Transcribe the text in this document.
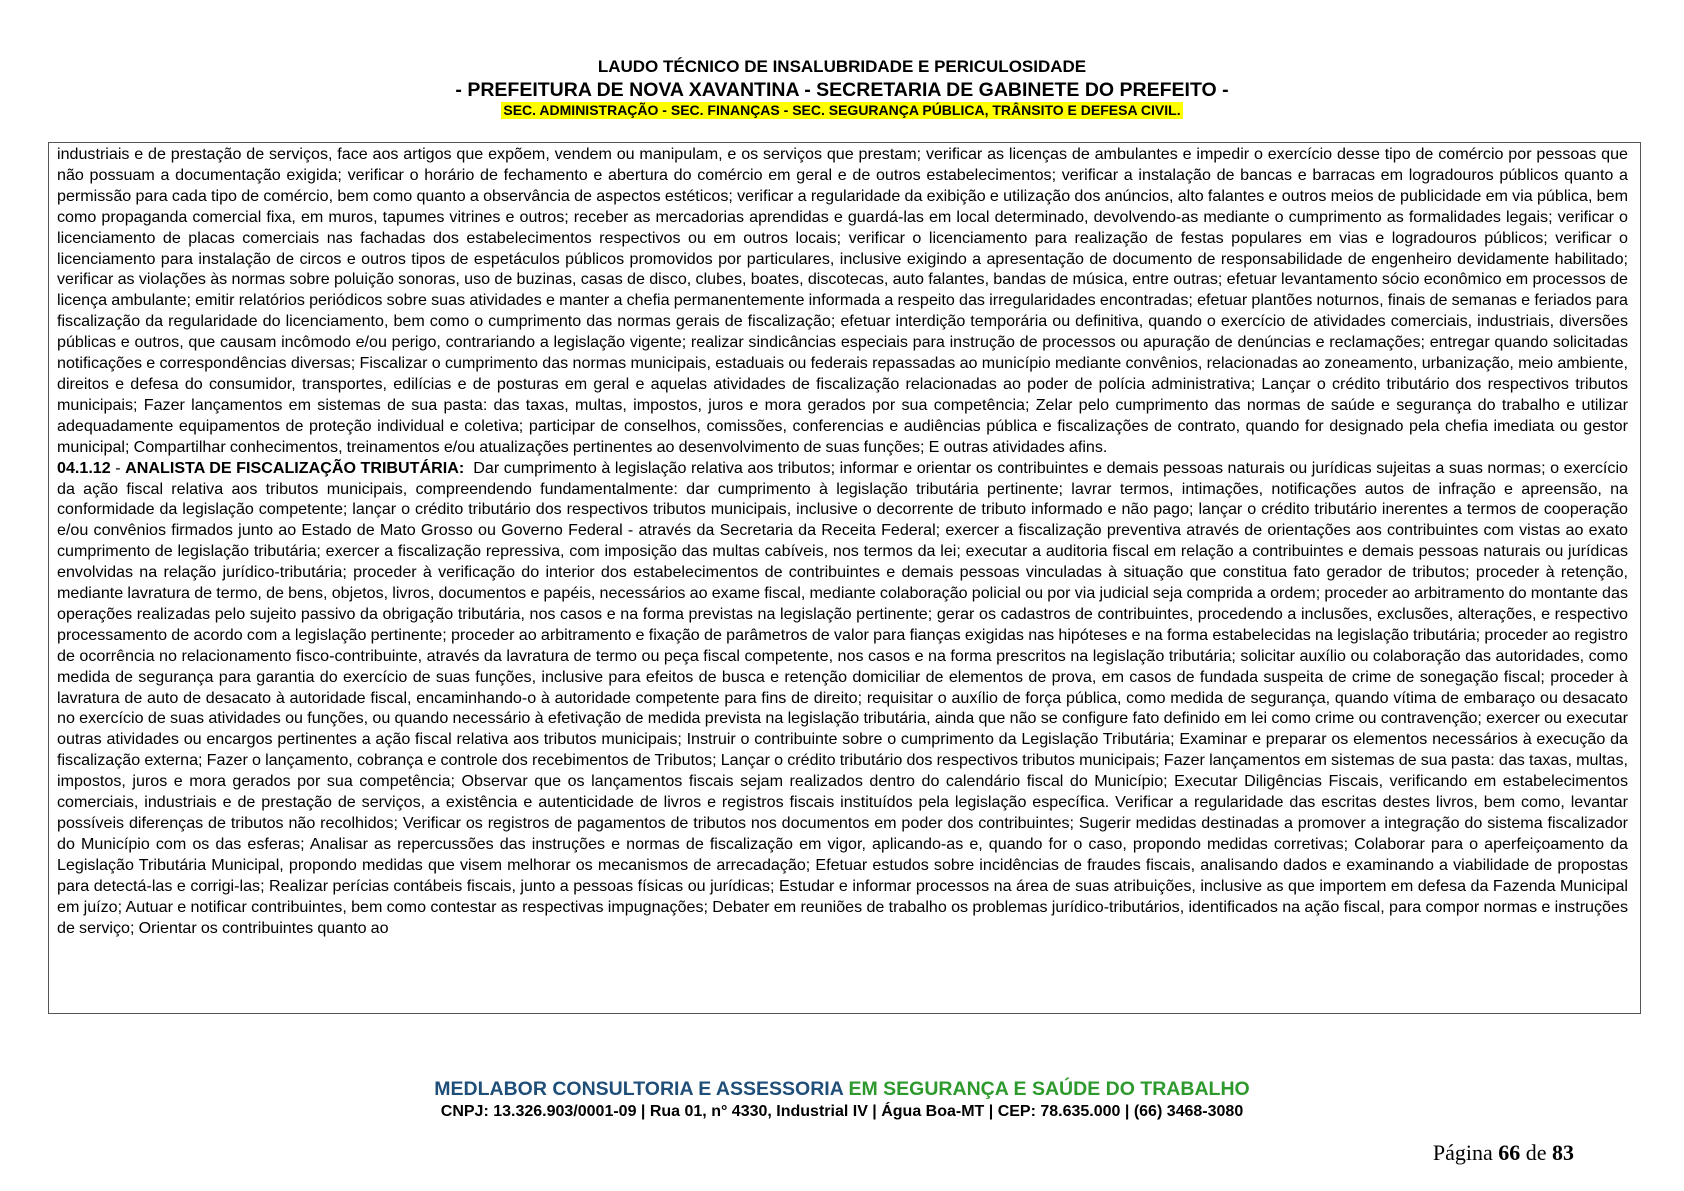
LAUDO TÉCNICO DE INSALUBRIDADE E PERICULOSIDADE
- PREFEITURA DE NOVA XAVANTINA - SECRETARIA DE GABINETE DO PREFEITO -
SEC. ADMINISTRAÇÃO - SEC. FINANÇAS - SEC. SEGURANÇA PÚBLICA, TRÂNSITO E DEFESA CIVIL.

industriais e de prestação de serviços, face aos artigos que expõem, vendem ou manipulam, e os serviços que prestam; verificar as licenças de ambulantes e impedir o exercício desse tipo de comércio por pessoas que não possuam a documentação exigida; verificar o horário de fechamento e abertura do comércio em geral e de outros estabelecimentos; verificar a instalação de bancas e barracas em logradouros públicos quanto a permissão para cada tipo de comércio, bem como quanto a observância de aspectos estéticos; verificar a regularidade da exibição e utilização dos anúncios, alto falantes e outros meios de publicidade em via pública, bem como propaganda comercial fixa, em muros, tapumes vitrines e outros; receber as mercadorias aprendidas e guardá-las em local determinado, devolvendo-as mediante o cumprimento as formalidades legais; verificar o licenciamento de placas comerciais nas fachadas dos estabelecimentos respectivos ou em outros locais; verificar o licenciamento para realização de festas populares em vias e logradouros públicos; verificar o licenciamento para instalação de circos e outros tipos de espetáculos públicos promovidos por particulares, inclusive exigindo a apresentação de documento de responsabilidade de engenheiro devidamente habilitado; verificar as violações às normas sobre poluição sonoras, uso de buzinas, casas de disco, clubes, boates, discotecas, auto falantes, bandas de música, entre outras; efetuar levantamento sócio econômico em processos de licença ambulante; emitir relatórios periódicos sobre suas atividades e manter a chefia permanentemente informada a respeito das irregularidades encontradas; efetuar plantões noturnos, finais de semanas e feriados para fiscalização da regularidade do licenciamento, bem como o cumprimento das normas gerais de fiscalização; efetuar interdição temporária ou definitiva, quando o exercício de atividades comerciais, industriais, diversões públicas e outros, que causam incômodo e/ou perigo, contrariando a legislação vigente; realizar sindicâncias especiais para instrução de processos ou apuração de denúncias e reclamações; entregar quando solicitadas notificações e correspondências diversas; Fiscalizar o cumprimento das normas municipais, estaduais ou federais repassadas ao município mediante convênios, relacionadas ao zoneamento, urbanização, meio ambiente, direitos e defesa do consumidor, transportes, edilícias e de posturas em geral e aquelas atividades de fiscalização relacionadas ao poder de polícia administrativa; Lançar o crédito tributário dos respectivos tributos municipais; Fazer lançamentos em sistemas de sua pasta: das taxas, multas, impostos, juros e mora gerados por sua competência; Zelar pelo cumprimento das normas de saúde e segurança do trabalho e utilizar adequadamente equipamentos de proteção individual e coletiva; participar de conselhos, comissões, conferencias e audiências pública e fiscalizações de contrato, quando for designado pela chefia imediata ou gestor municipal; Compartilhar conhecimentos, treinamentos e/ou atualizações pertinentes ao desenvolvimento de suas funções; E outras atividades afins.

04.1.12 - ANALISTA DE FISCALIZAÇÃO TRIBUTÁRIA: Dar cumprimento à legislação relativa aos tributos; informar e orientar os contribuintes e demais pessoas naturais ou jurídicas sujeitas a suas normas; o exercício da ação fiscal relativa aos tributos municipais, compreendendo fundamentalmente: dar cumprimento à legislação tributária pertinente; lavrar termos, intimações, notificações autos de infração e apreensão, na conformidade da legislação competente; lançar o crédito tributário dos respectivos tributos municipais, inclusive o decorrente de tributo informado e não pago; lançar o crédito tributário inerentes a termos de cooperação e/ou convênios firmados junto ao Estado de Mato Grosso ou Governo Federal - através da Secretaria da Receita Federal; exercer a fiscalização preventiva através de orientações aos contribuintes com vistas ao exato cumprimento de legislação tributária; exercer a fiscalização repressiva, com imposição das multas cabíveis, nos termos da lei; executar a auditoria fiscal em relação a contribuintes e demais pessoas naturais ou jurídicas envolvidas na relação jurídico-tributária; proceder à verificação do interior dos estabelecimentos de contribuintes e demais pessoas vinculadas à situação que constitua fato gerador de tributos; proceder à retenção, mediante lavratura de termo, de bens, objetos, livros, documentos e papéis, necessários ao exame fiscal, mediante colaboração policial ou por via judicial seja comprida a ordem; proceder ao arbitramento do montante das operações realizadas pelo sujeito passivo da obrigação tributária, nos casos e na forma previstas na legislação pertinente; gerar os cadastros de contribuintes, procedendo a inclusões, exclusões, alterações, e respectivo processamento de acordo com a legislação pertinente; proceder ao arbitramento e fixação de parâmetros de valor para fianças exigidas nas hipóteses e na forma estabelecidas na legislação tributária; proceder ao registro de ocorrência no relacionamento fisco-contribuinte, através da lavratura de termo ou peça fiscal competente, nos casos e na forma prescritos na legislação tributária; solicitar auxílio ou colaboração das autoridades, como medida de segurança para garantia do exercício de suas funções, inclusive para efeitos de busca e retenção domiciliar de elementos de prova, em casos de fundada suspeita de crime de sonegação fiscal; proceder à lavratura de auto de desacato à autoridade fiscal, encaminhando-o à autoridade competente para fins de direito; requisitar o auxílio de força pública, como medida de segurança, quando vítima de embaraço ou desacato no exercício de suas atividades ou funções, ou quando necessário à efetivação de medida prevista na legislação tributária, ainda que não se configure fato definido em lei como crime ou contravenção; exercer ou executar outras atividades ou encargos pertinentes a ação fiscal relativa aos tributos municipais; Instruir o contribuinte sobre o cumprimento da Legislação Tributária; Examinar e preparar os elementos necessários à execução da fiscalização externa; Fazer o lançamento, cobrança e controle dos recebimentos de Tributos; Lançar o crédito tributário dos respectivos tributos municipais; Fazer lançamentos em sistemas de sua pasta: das taxas, multas, impostos, juros e mora gerados por sua competência; Observar que os lançamentos fiscais sejam realizados dentro do calendário fiscal do Município; Executar Diligências Fiscais, verificando em estabelecimentos comerciais, industriais e de prestação de serviços, a existência e autenticidade de livros e registros fiscais instituídos pela legislação específica. Verificar a regularidade das escritas destes livros, bem como, levantar possíveis diferenças de tributos não recolhidos; Verificar os registros de pagamentos de tributos nos documentos em poder dos contribuintes; Sugerir medidas destinadas a promover a integração do sistema fiscalizador do Município com os das esferas; Analisar as repercussões das instruções e normas de fiscalização em vigor, aplicando-as e, quando for o caso, propondo medidas corretivas; Colaborar para o aperfeiçoamento da Legislação Tributária Municipal, propondo medidas que visem melhorar os mecanismos de arrecadação; Efetuar estudos sobre incidências de fraudes fiscais, analisando dados e examinando a viabilidade de propostas para detectá-las e corrigi-las; Realizar perícias contábeis fiscais, junto a pessoas físicas ou jurídicas; Estudar e informar processos na área de suas atribuições, inclusive as que importem em defesa da Fazenda Municipal em juízo; Autuar e notificar contribuintes, bem como contestar as respectivas impugnações; Debater em reuniões de trabalho os problemas jurídico-tributários, identificados na ação fiscal, para compor normas e instruções de serviço; Orientar os contribuintes quanto ao

MEDLABOR CONSULTORIA E ASSESSORIA EM SEGURANÇA E SAÚDE DO TRABALHO
CNPJ: 13.326.903/0001-09 | Rua 01, n° 4330, Industrial IV | Água Boa-MT | CEP: 78.635.000 | (66) 3468-3080
Página 66 de 83
